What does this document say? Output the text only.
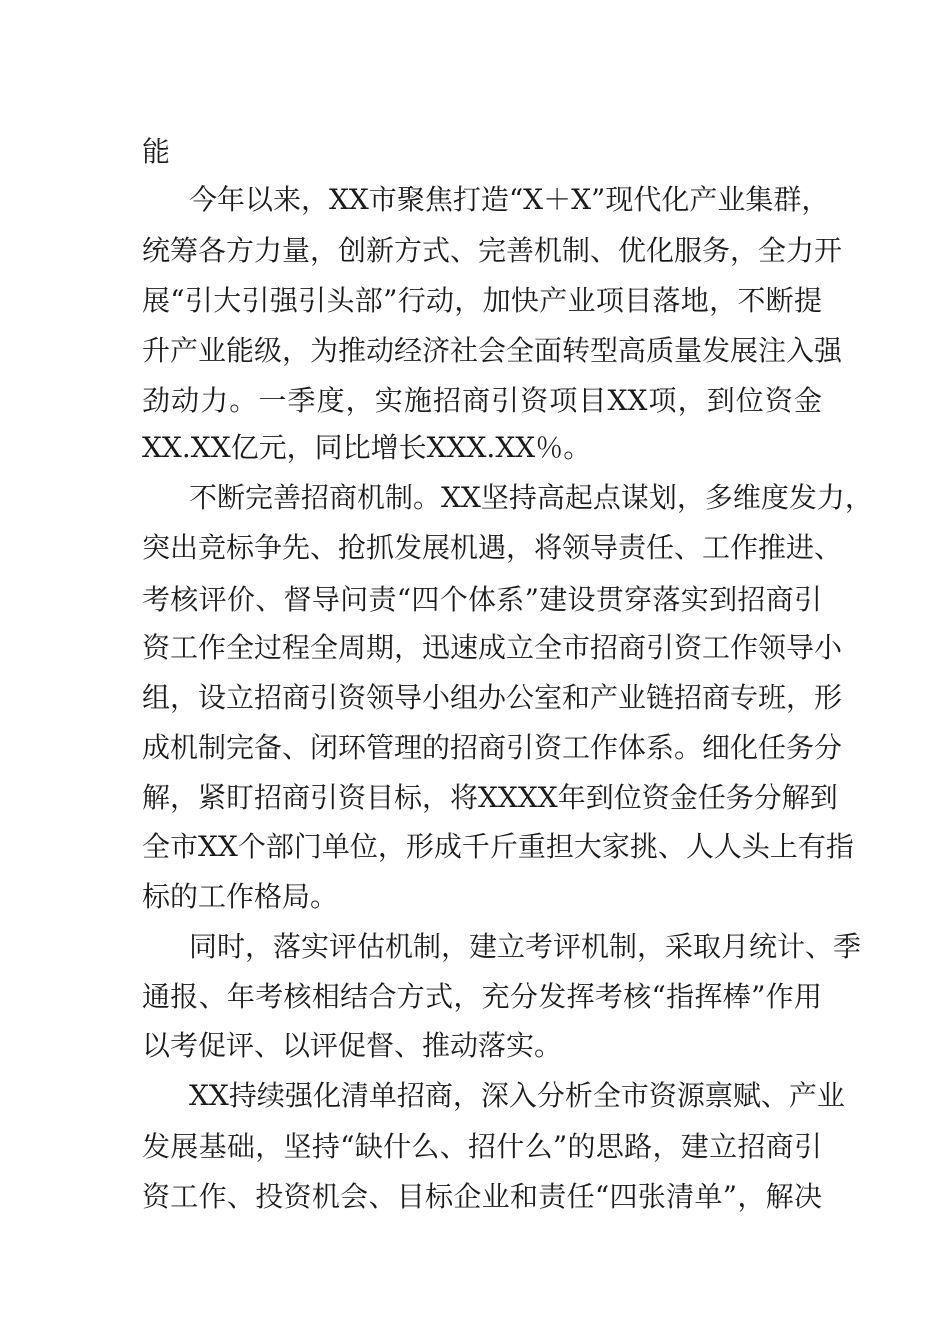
能

今年以来，XX市聚焦打造“X＋X”现代化产业集群，

统筹各方力量，创新方式、完善机制、优化服务，全力开

展“引大引强引头部”行动，加快产业项目落地，不断提

升产业能级，为推动经济社会全面转型高质量发展注入强

劲动力。一季度，实施招商引资项目XX项，到位资金

XX.XX亿元，同比增长XXX.XX％。

不断完善招商机制。XX坚持高起点谋划，多维度发力，

突出竞标争先、抢抓发展机遇，将领导责任、工作推进、

考核评价、督导问责“四个体系”建设贯穿落实到招商引

资工作全过程全周期，迅速成立全市招商引资工作领导小

组，设立招商引资领导小组办公室和产业链招商专班，形

成机制完备、闭环管理的招商引资工作体系。细化任务分

解，紧盯招商引资目标，将XXXX年到位资金任务分解到

全市XX个部门单位，形成千斤重担大家挑、人人头上有指

标的工作格局。

同时，落实评估机制，建立考评机制，采取月统计、季

通报、年考核相结合方式，充分发挥考核“指挥棒”作用

以考促评、以评促督、推动落实。

XX持续强化清单招商，深入分析全市资源禀赋、产业

发展基础，坚持“缺什么、招什么”的思路，建立招商引

资工作、投资机会、目标企业和责任“四张清单”，解决
